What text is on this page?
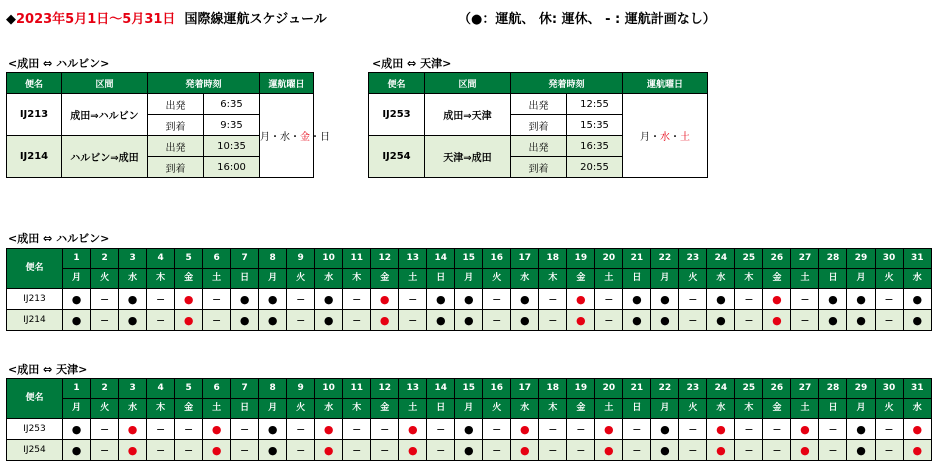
◆2023年5月1日～5月31日 国際線運航スケジュール	（●：運航、 休: 運休、 - : 運航計画なし）
<成田 ⇔ ハルビン>
便名	区間	発着時刻		運航曜日
IJ213	成田⇒ハルビン	出発	6:35	月・水・金・日
		到着	9:35	
IJ214	ハルビン⇒成田	出発	10:35	
		到着	16:00	
<成田 ⇔ 天津>
便名	区間	発着時刻		運航曜日
IJ253	成田⇒天津	出発	12:55	月・水・土
		到着	15:35	
IJ254	天津⇒成田	出発	16:35	
		到着	20:55	
<成田 ⇔ ハルビン>
便名	1	2	3	4	5	6	7	8	9	10	11	12	13	14	15	16	17	18	19	20	21	22	23	24	25	26	27	28	29	30	31
	月	火	水	木	金	土	日	月	火	水	木	金	土	日	月	火	水	木	金	土	日	月	火	水	木	金	土	日	月	火	水
IJ213	●	−	●	−	●	−	●	●	−	●	−	●	−	●	●	−	●	−	●	−	●	●	−	●	−	●	−	●	●	−	●
IJ214	●	−	●	−	●	−	●	●	−	●	−	●	−	●	●	−	●	−	●	−	●	●	−	●	−	●	−	●	●	−	●
<成田 ⇔ 天津>
便名	1	2	3	4	5	6	7	8	9	10	11	12	13	14	15	16	17	18	19	20	21	22	23	24	25	26	27	28	29	30	31
	月	火	水	木	金	土	日	月	火	水	木	金	土	日	月	火	水	木	金	土	日	月	火	水	木	金	土	日	月	火	水
IJ253	●	−	●	−	−	●	−	●	−	●	−	−	●	−	●	−	●	−	−	●	−	●	−	●	−	−	●	−	●	−	●
IJ254	●	−	●	−	−	●	−	●	−	●	−	−	●	−	●	−	●	−	−	●	−	●	−	●	−	−	●	−	●	−	●
